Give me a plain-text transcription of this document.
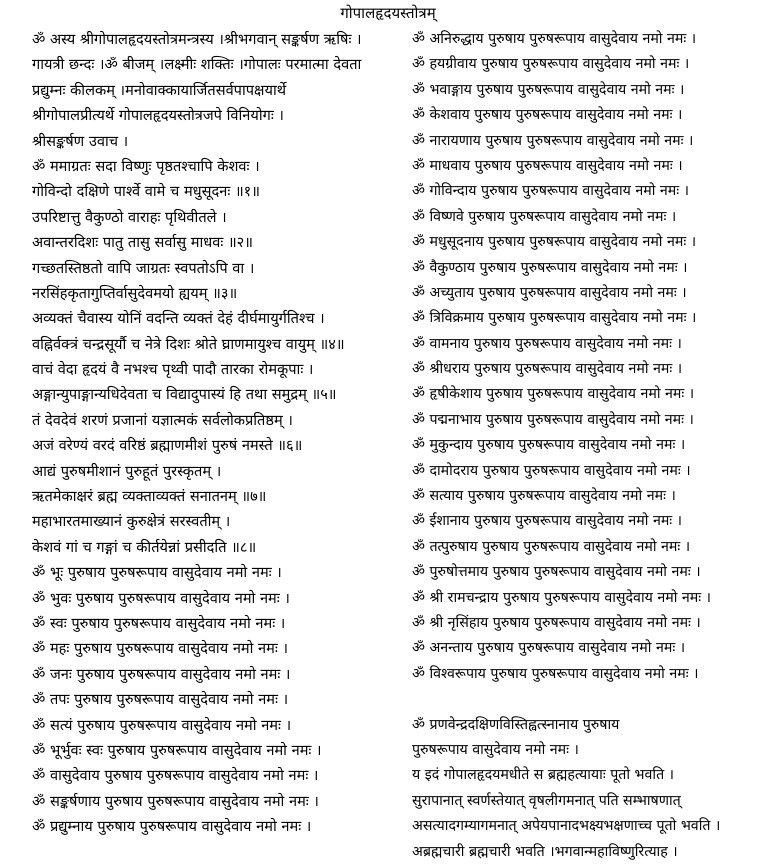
गोपालहृदयस्तोत्रम्
ॐ अस्य श्रीगोपालहृदयस्तोत्रमन्त्रस्य ।श्रीभगवान् सङ्कर्षण ऋषिः ।
गायत्री छन्दः ।ॐ बीजम् ।लक्ष्मीः शक्तिः ।गोपालः परमात्मा देवता
प्रद्युम्नः कीलकम् ।मनोवाक्कायार्जितसर्वपापक्षयार्थे
श्रीगोपालप्रीत्यर्थे गोपालहृदयस्तोत्रजपे विनियोगः ।
श्रीसङ्कर्षण उवाच ।
ॐ ममाग्रतः सदा विष्णुः पृष्ठतश्चापि केशवः ।
गोविन्दो दक्षिणे पार्श्वे वामे च मधुसूदनः ॥१॥
उपरिष्टात्तु वैकुण्ठो वाराहः पृथिवीतले ।
अवान्तरदिशः पातु तासु सर्वासु माधवः ॥२॥
गच्छतस्तिष्ठतो वापि जाग्रतः स्वपतोऽपि वा ।
नरसिंहकृतागुप्तिर्वासुदेवमयो ह्ययम् ॥३॥
अव्यक्तं चैवास्य योनिं वदन्ति व्यक्तं देहं दीर्घमायुर्गतिश्च ।
वह्निर्वक्त्रं चन्द्रसूर्यौ च नेत्रे दिशः श्रोते घ्राणमायुश्च वायुम् ॥४॥
वाचं वेदा हृदयं वै नभश्च पृथ्वी पादौ तारका रोमकूपाः ।
अङ्गान्युपाङ्गान्यधिदेवता च विद्यादुपास्यं हि तथा समुद्रम् ॥५॥
तं देवदेवं शरणं प्रजानां यज्ञात्मकं सर्वलोकप्रतिष्ठम् ।
अजं वरेण्यं वरदं वरिष्ठं ब्रह्माणमीशं पुरुषं नमस्ते ॥६॥
आद्यं पुरुषमीशानं पुरुहूतं पुरस्कृतम् ।
ऋतमेकाक्षरं ब्रह्म व्यक्ताव्यक्तं सनातनम् ॥७॥
महाभारतमाख्यानं कुरुक्षेत्रं सरस्वतीम् ।
केशवं गां च गङ्गां च कीर्तयेन्नां प्रसीदति ॥८॥
ॐ भूः पुरुषाय पुरुषरूपाय वासुदेवाय नमो नमः ।
ॐ भुवः पुरुषाय पुरुषरूपाय वासुदेवाय नमो नमः ।
ॐ स्वः पुरुषाय पुरुषरूपाय वासुदेवाय नमो नमः ।
ॐ महः पुरुषाय पुरुषरूपाय वासुदेवाय नमो नमः ।
ॐ जनः पुरुषाय पुरुषरूपाय वासुदेवाय नमो नमः ।
ॐ तपः पुरुषाय पुरुषरूपाय वासुदेवाय नमो नमः ।
ॐ सत्यं पुरुषाय पुरुषरूपाय वासुदेवाय नमो नमः ।
ॐ भूर्भुवः स्वः पुरुषाय पुरुषरूपाय वासुदेवाय नमो नमः ।
ॐ वासुदेवाय पुरुषाय पुरुषरूपाय वासुदेवाय नमो नमः ।
ॐ सङ्कर्षणाय पुरुषाय पुरुषरूपाय वासुदेवाय नमो नमः ।
ॐ प्रद्युम्नाय पुरुषाय पुरुषरूपाय वासुदेवाय नमो नमः ।
ॐ अनिरुद्धाय पुरुषाय पुरुषरूपाय वासुदेवाय नमो नमः ।
ॐ हयग्रीवाय पुरुषाय पुरुषरूपाय वासुदेवाय नमो नमः ।
ॐ भवाङ्गाय पुरुषाय पुरुषरूपाय वासुदेवाय नमो नमः ।
ॐ केशवाय पुरुषाय पुरुषरूपाय वासुदेवाय नमो नमः ।
ॐ नारायणाय पुरुषाय पुरुषरूपाय वासुदेवाय नमो नमः ।
ॐ माधवाय पुरुषाय पुरुषरूपाय वासुदेवाय नमो नमः ।
ॐ गोविन्दाय पुरुषाय पुरुषरूपाय वासुदेवाय नमो नमः ।
ॐ विष्णवे पुरुषाय पुरुषरूपाय वासुदेवाय नमो नमः ।
ॐ मधुसूदनाय पुरुषाय पुरुषरूपाय वासुदेवाय नमो नमः ।
ॐ वैकुण्ठाय पुरुषाय पुरुषरूपाय वासुदेवाय नमो नमः ।
ॐ अच्युताय पुरुषाय पुरुषरूपाय वासुदेवाय नमो नमः ।
ॐ त्रिविक्रमाय पुरुषाय पुरुषरूपाय वासुदेवाय नमो नमः ।
ॐ वामनाय पुरुषाय पुरुषरूपाय वासुदेवाय नमो नमः ।
ॐ श्रीधराय पुरुषाय पुरुषरूपाय वासुदेवाय नमो नमः ।
ॐ हृषीकेशाय पुरुषाय पुरुषरूपाय वासुदेवाय नमो नमः ।
ॐ पद्मनाभाय पुरुषाय पुरुषरूपाय वासुदेवाय नमो नमः ।
ॐ मुकुन्दाय पुरुषाय पुरुषरूपाय वासुदेवाय नमो नमः ।
ॐ दामोदराय पुरुषाय पुरुषरूपाय वासुदेवाय नमो नमः ।
ॐ सत्याय पुरुषाय पुरुषरूपाय वासुदेवाय नमो नमः ।
ॐ ईशानाय पुरुषाय पुरुषरूपाय वासुदेवाय नमो नमः ।
ॐ तत्पुरुषाय पुरुषाय पुरुषरूपाय वासुदेवाय नमो नमः ।
ॐ पुरुषोत्तमाय पुरुषाय पुरुषरूपाय वासुदेवाय नमो नमः ।
ॐ श्री रामचन्द्राय पुरुषाय पुरुषरूपाय वासुदेवाय नमो नमः ।
ॐ श्री नृसिंहाय पुरुषाय पुरुषरूपाय वासुदेवाय नमो नमः ।
ॐ अनन्ताय पुरुषाय पुरुषरूपाय वासुदेवाय नमो नमः ।
ॐ विश्वरूपाय पुरुषाय पुरुषरूपाय वासुदेवाय नमो नमः ।
ॐ प्रणवेन्द्रदक्षिणविस्तिह्वत्स्नानाय पुरुषाय
पुरुषरूपाय वासुदेवाय नमो नमः ।
य इदं गोपालहृदयमधीते स ब्रह्महत्यायाः पूतो भवति ।
सुरापानात् स्वर्णस्तेयात् वृषलीगमनात् पति सम्भाषणात्
असत्यादगम्यागमनात् अपेयपानादभक्ष्यभक्षणाच्च पूतो भवति ।
अब्रह्मचारी ब्रह्मचारी भवति ।भगवान्महाविष्णुरित्याह ।
